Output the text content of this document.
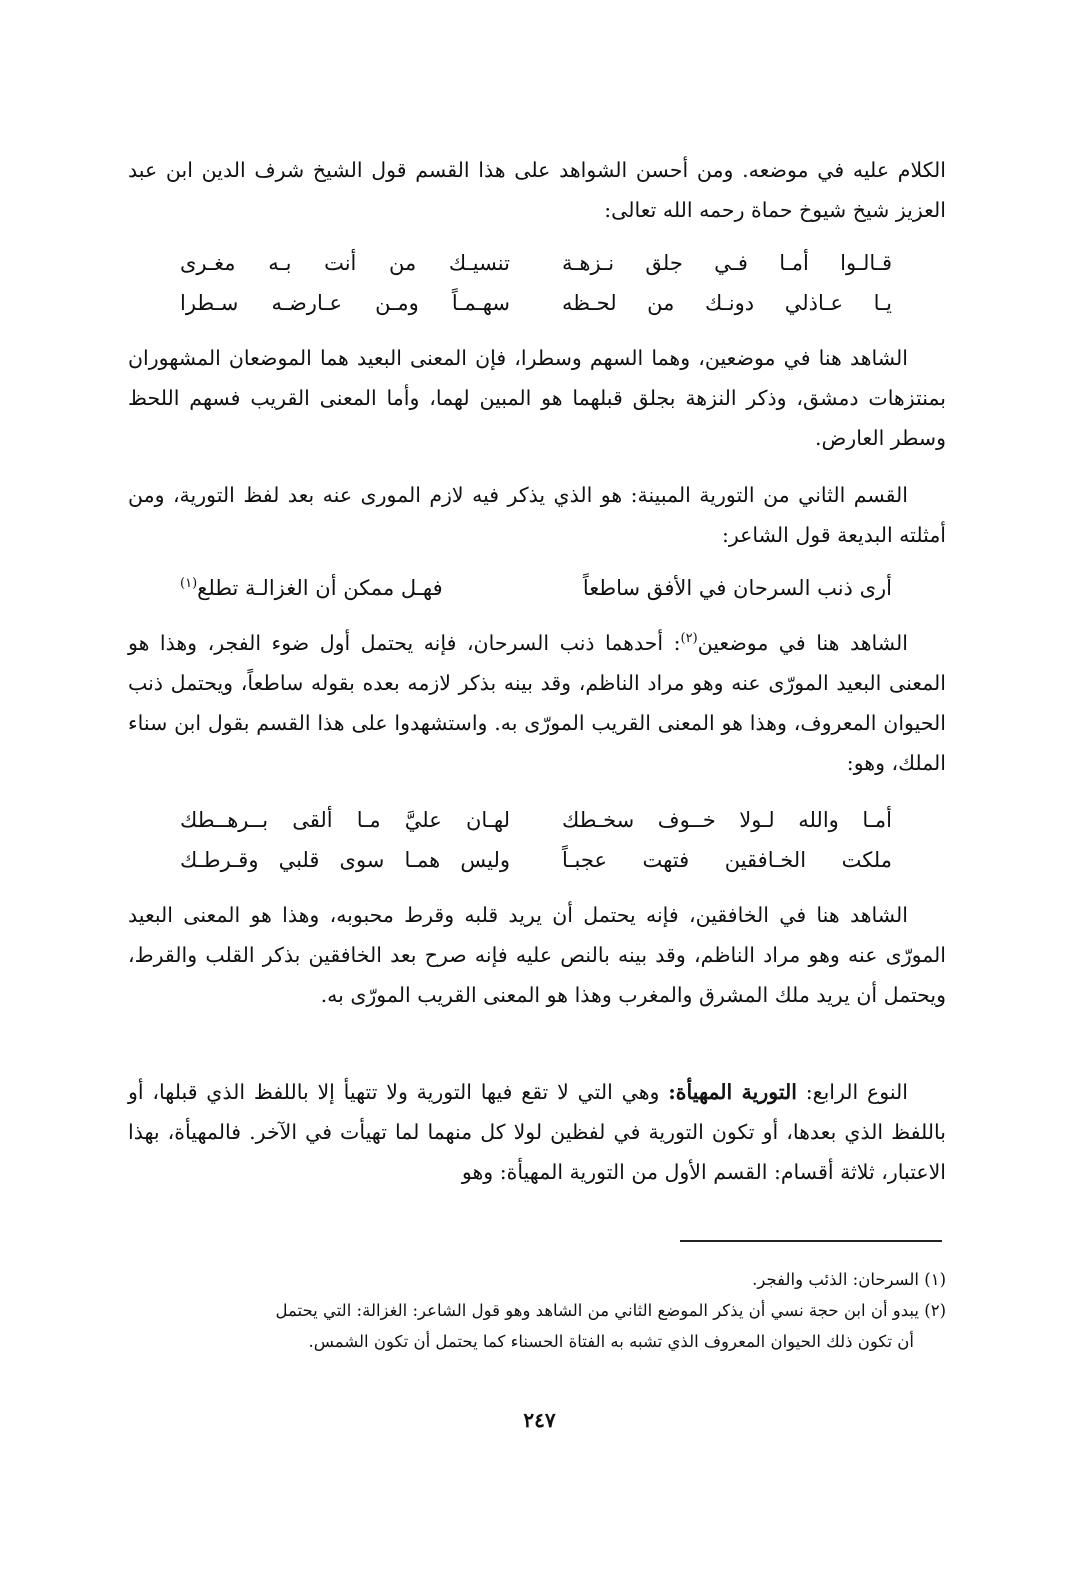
الكلام عليه في موضعه. ومن أحسن الشواهد على هذا القسم قول الشيخ شرف الدين ابن عبد العزيز شيخ شيوخ حماة رحمه الله تعالى:

قـالـوا أمـا فـي جلق نـزهـة
تنسيـك من أنت بـه مغـرى
يـا عـاذلي دونـك من لحـظه
سهـمـاً ومـن عـارضـه سـطرا

الشاهد هنا في موضعين، وهما السهم وسطرا، فإن المعنى البعيد هما الموضعان المشهوران بمنتزهات دمشق، وذكر النزهة بجلق قبلهما هو المبين لهما، وأما المعنى القريب فسهم اللحظ وسطر العارض.

القسم الثاني من التورية المبينة: هو الذي يذكر فيه لازم المورى عنه بعد لفظ التورية، ومن أمثلته البديعة قول الشاعر:

أرى ذنب السرحان في الأفق ساطعاً
فهـل ممكن أن الغزالـة تطلع$^{(١)}$

الشاهد هنا في موضعين$^{(٢)}$: أحدهما ذنب السرحان، فإنه يحتمل أول ضوء الفجر، وهذا هو المعنى البعيد المورّى عنه وهو مراد الناظم، وقد بينه بذكر لازمه بعده بقوله ساطعاً، ويحتمل ذنب الحيوان المعروف، وهذا هو المعنى القريب المورّى به. واستشهدوا على هذا القسم بقول ابن سناء الملك، وهو:

أمـا والله لـولا خــوف سخـطك
لهـان عليَّ مـا ألقى بــرهــطك
ملكت الخـافقين فتهت عجبـاً
وليس همـا سوى قلبي وقـرطـك

الشاهد هنا في الخافقين، فإنه يحتمل أن يريد قلبه وقرط محبوبه، وهذا هو المعنى البعيد المورّى عنه وهو مراد الناظم، وقد بينه بالنص عليه فإنه صرح بعد الخافقين بذكر القلب والقرط، ويحتمل أن يريد ملك المشرق والمغرب وهذا هو المعنى القريب المورّى به.

النوع الرابع: التورية المهيأة: وهي التي لا تقع فيها التورية ولا تتهيأ إلا باللفظ الذي قبلها، أو باللفظ الذي بعدها، أو تكون التورية في لفظين لولا كل منهما لما تهيأت في الآخر. فالمهيأة، بهذا الاعتبار، ثلاثة أقسام: القسم الأول من التورية المهيأة: وهو

(١) السرحان: الذئب والفجر.

(٢) يبدو أن ابن حجة نسي أن يذكر الموضع الثاني من الشاهد وهو قول الشاعر: الغزالة: التي يحتمل

أن تكون ذلك الحيوان المعروف الذي تشبه به الفتاة الحسناء كما يحتمل أن تكون الشمس.

٢٤٧
